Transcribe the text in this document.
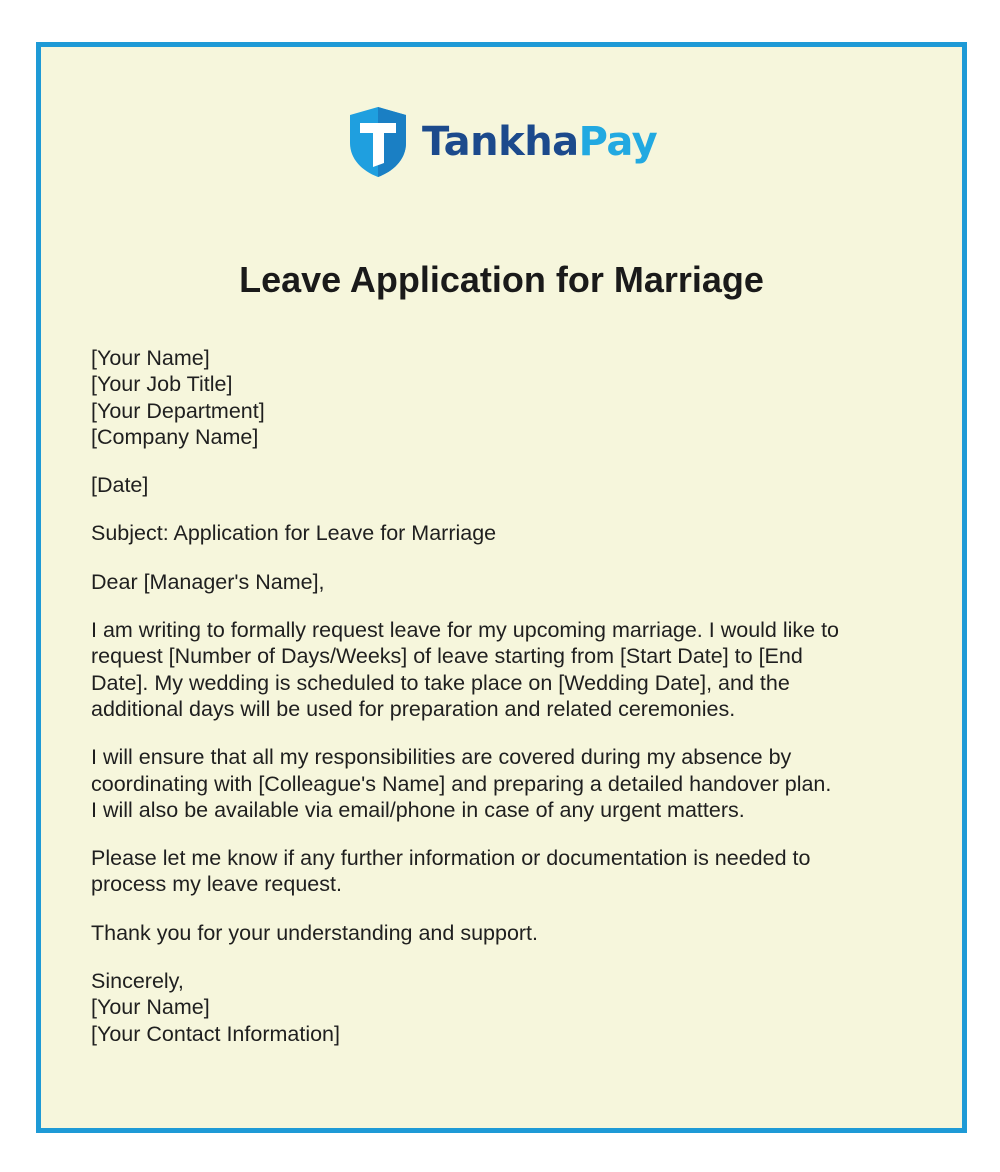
TankhaPay
Leave Application for Marriage
[Your Name]
[Your Job Title]
[Your Department]
[Company Name]
[Date]
Subject: Application for Leave for Marriage
Dear [Manager's Name],
I am writing to formally request leave for my upcoming marriage. I would like to
request [Number of Days/Weeks] of leave starting from [Start Date] to [End
Date]. My wedding is scheduled to take place on [Wedding Date], and the
additional days will be used for preparation and related ceremonies.
I will ensure that all my responsibilities are covered during my absence by
coordinating with [Colleague's Name] and preparing a detailed handover plan.
I will also be available via email/phone in case of any urgent matters.
Please let me know if any further information or documentation is needed to
process my leave request.
Thank you for your understanding and support.
Sincerely,
[Your Name]
[Your Contact Information]
